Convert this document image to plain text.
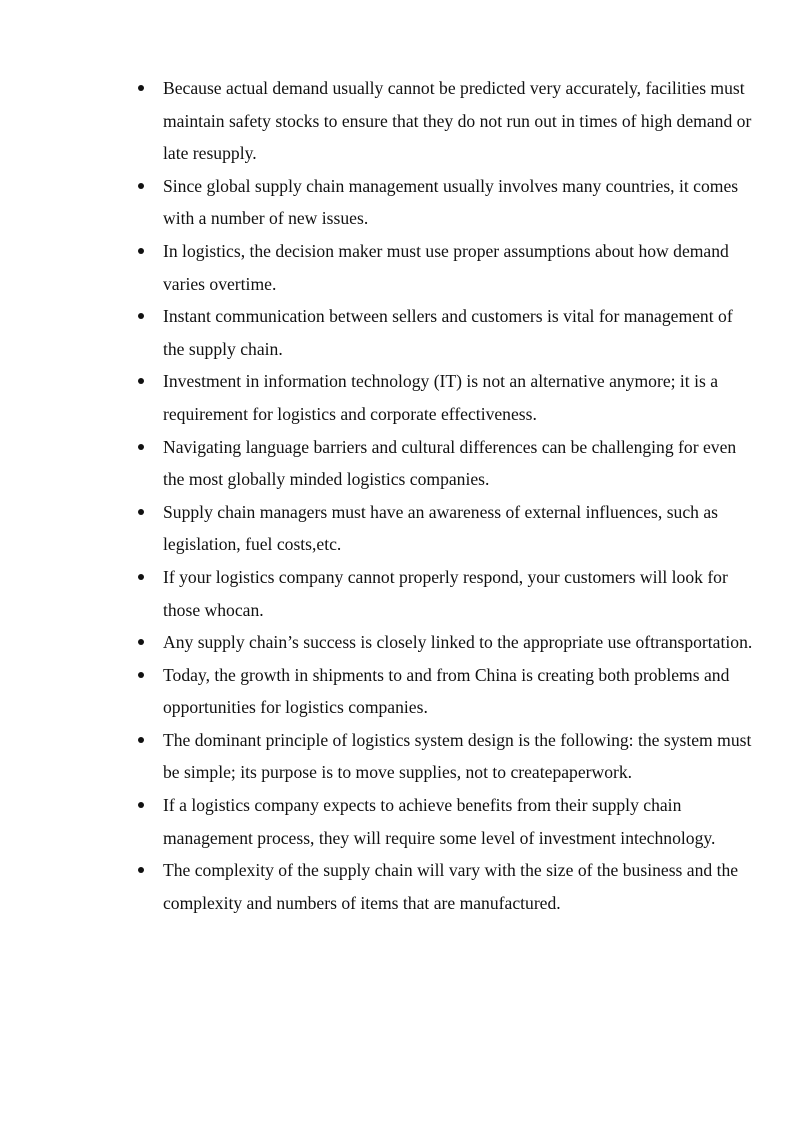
Because actual demand usually cannot be predicted very accurately, facilities must maintain safety stocks to ensure that they do not run out in times of high demand or late resupply.
Since global supply chain management usually involves many countries, it comes with a number of new issues.
In logistics, the decision maker must use proper assumptions about how demand varies overtime.
Instant communication between sellers and customers is vital for management of the supply chain.
Investment in information technology (IT) is not an alternative anymore; it is a requirement for logistics and corporate effectiveness.
Navigating language barriers and cultural differences can be challenging for even the most globally minded logistics companies.
Supply chain managers must have an awareness of external influences, such as legislation, fuel costs,etc.
If your logistics company cannot properly respond, your customers will look for those whocan.
Any supply chain’s success is closely linked to the appropriate use oftransportation.
Today, the growth in shipments to and from China is creating both problems and opportunities for logistics companies.
The dominant principle of logistics system design is the following: the system must be simple; its purpose is to move supplies, not to createpaperwork.
If a logistics company expects to achieve benefits from their supply chain management process, they will require some level of investment intechnology.
The complexity of the supply chain will vary with the size of the business and the complexity and numbers of items that are manufactured.
